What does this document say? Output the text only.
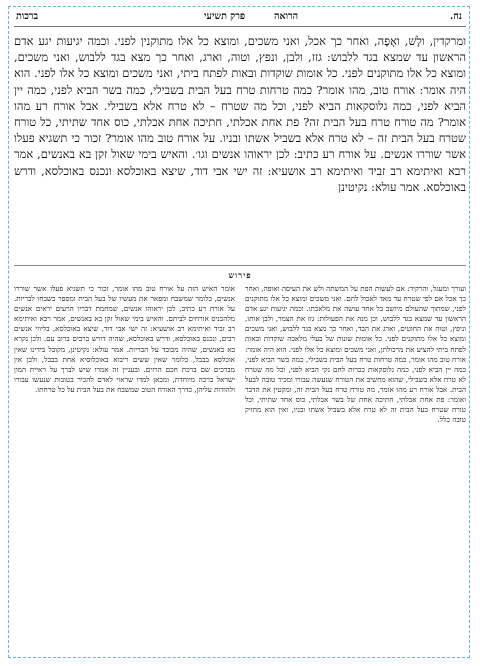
נח.
הרואה
פרק תשיעי
ברכות
ומרקדין, ולָשׁ, ואָפָה, ואחר כך אכל, ואני משכים, ומוצא כל אלו מתוקנין לפני. וכמה יגיעות יגע אדם הראשון עד שמצא בגד ללבוש: גזז, ולבן, ונפץ, וטוה, וארג, ואחר כך מצא בגד ללבוש, ואני משכים, ומוצא כל אלו מתוקנים לפני. כל אומות שוקדות ובאות לפתח ביתי, ואני משכים ומוצא כל אלו לפני. הוא היה אומר: אורח טוב, מהו אומר? כמה טרחות טרח בעל הבית בשבילי, כמה בשר הביא לפני, כמה יין הביא לפני, כמה גלוסקאות הביא לפני, וכל מה שטרח – לא טרח אלא בשבילי. אבל אורח רע מהו אומר? מה טורח טרח בעל הבית זה? פת אחת אכלתי, חתיכה אחת אכלתי, כוס אחד שתיתי, כל טורח שטרח בעל הבית זה – לא טרח אלא בשביל אשתו ובניו. על אורח טוב מהו אומר? זכור כי תשגיא פעלו אשר שוררו אנשים. על אורח רע כתיב: לכן יראוהו אנשים וגו׳. והאיש בימי שאול זקן בא באנשים, אמר רבא ואיתימא רב זביד ואיתימא רב אושעיא: זה ישי אבי דוד, שיצא באוכלסא ונכנס באוכלסא, ודרש באוכלסא. אמר עולא: נקיטינן
פירוש
ועורך ומעגל, והרקיד: אם לעשות הפת על המשתה ולש את העיסה ואופה, ואחר כך אכל אם לפי שטרח עד מאד לאכול לחם. ואני משכים ומוצא כל אלו מתוקנים לפני, שמתוך שהעולם מיושב כל אחד עושה את מלאכתו. וכמה יגיעות יגע אדם הראשון עד שמצא בגד ללבוש, וכן מנה את הפעולות: גזז את הצמר, ולבן אותו, וניפץ, וטוה את החוטים, וארג את הבד, ואחר כך מצא בגד ללבוש, ואני משכים ומוצא כל אלו מתוקנים לפני. כל אומות שונות של בעלי מלאכה שוקדות ובאות לפתח ביתי להציע את מרכולתן, ואני משכים ומוצא כל אלו לפני. הוא היה אומר: אורח טוב מהו אומר, כמה טרחות טרח בעל הבית בשבילי, כמה בשר הביא לפני, כמה יין הביא לפני, כמה גלוסקאות ככרות לחם נקי הביא לפני, וכל מה שטרח לא טרח אלא בשבילי, שהוא מחשיב את הטורח שנעשה עבורו ומכיר טובה לבעל הבית. אבל אורח רע מהו אומר, מה טורח טרח בעל הבית זה, ומקטין את הדבר ואומר: פת אחת אכלתי, חתיכה אחת של בשר אכלתי, כוס אחד שתיתי, וכל טורח שטרח בעל הבית זה לא טרח אלא בשביל אשתו ובניו, ואין הוא מחזיק טובה כלל.
אומר האיש הזה על אורח טוב מהו אומר, זכור כי תשגיא פעלו אשר שוררו אנשים, כלומר שמשבח ומפאר את מעשיו של בעל הבית ומספר בשבחו לבריות. על אורח רע כתיב, לכן יראוהו אנשים, שמחמת דבריו הרעים יראים אנשים מלהכניס אורחים לביתם. והאיש בימי שאול זקן בא באנשים, אמר רבא ואיתימא רב זביד ואיתימא רב אושעיא: זה ישי אבי דוד, שיצא באוכלסא, בליווי אנשים רבים, ונכנס באוכלסא, ודרש באוכלסא, שהיה דורש ברבים ברוב עם. ולכן נקרא בא באנשים, שהיה מכובד על הבריות. אמר עולא: נקיטינן, מקובל בידינו שאין אוכלסא בבבל, כלומר שאין ששים ריבוא באוכלוסיא אחת בבבל, ולכן אין מברכים שם ברכת חכם הרזים. ובעניין זה אמרו שיש לברך על ראיית המון ישראל ברכה מיוחדת, ומכאן למדו שראוי לאדם להכיר בטובות שנעשו עבורו ולהודות עליהן, כדרך האורח הטוב שמשבח את בעל הבית על כל טרחתו.
